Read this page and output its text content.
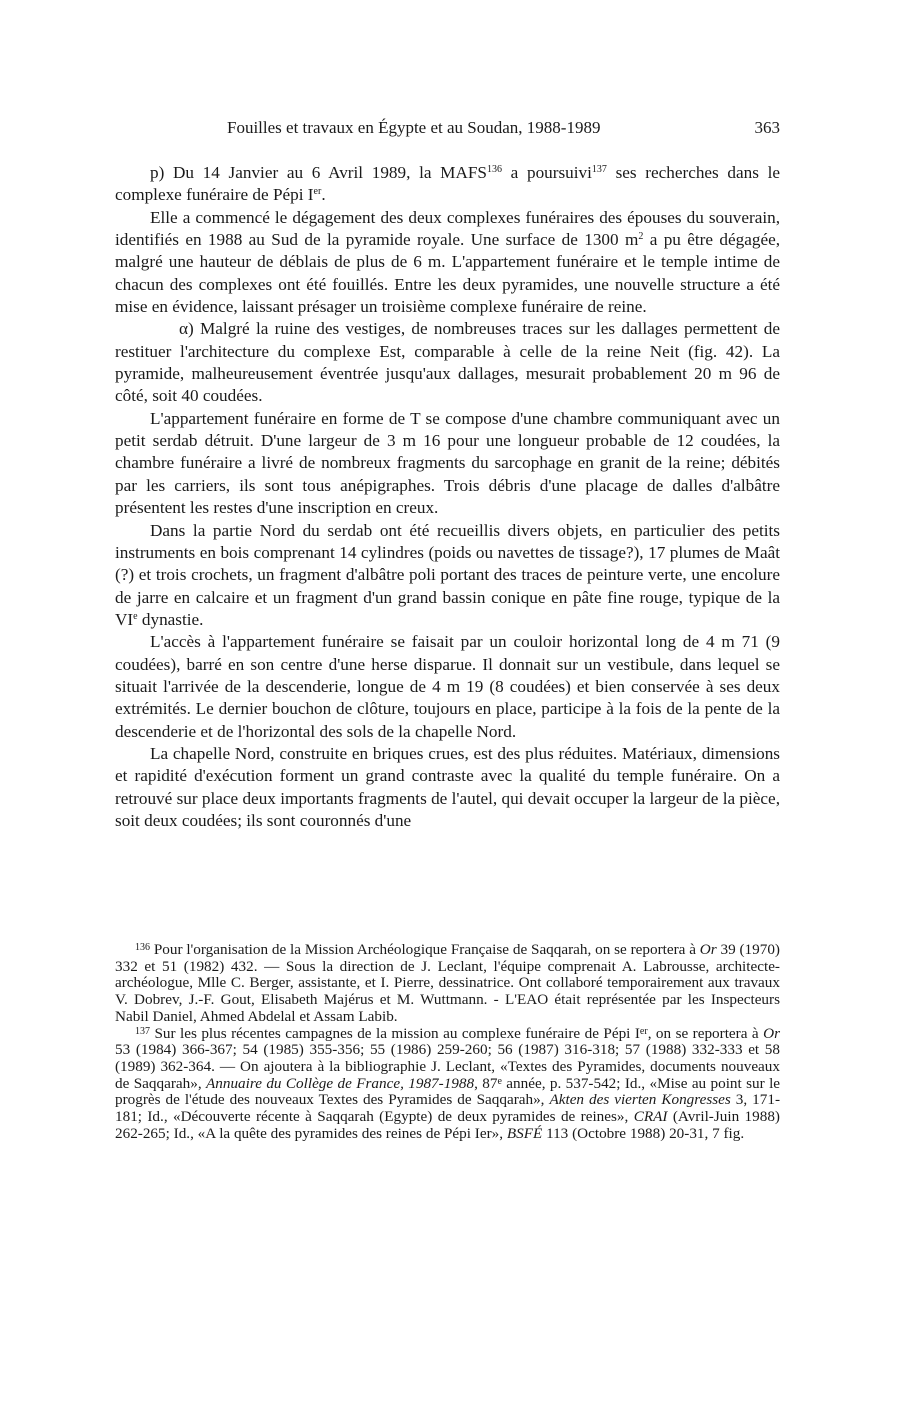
Fouilles et travaux en Égypte et au Soudan, 1988-1989	363

p) Du 14 Janvier au 6 Avril 1989, la MAFS$^{136}$ a poursuivi$^{137}$ ses recherches dans le complexe funéraire de Pépi Ier.

Elle a commencé le dégagement des deux complexes funéraires des épouses du souverain, identifiés en 1988 au Sud de la pyramide royale. Une surface de 1300 $m^2$ a pu être dégagée, malgré une hauteur de déblais de plus de 6 m. L'appartement funéraire et le temple intime de chacun des complexes ont été fouillés. Entre les deux pyramides, une nouvelle structure a été mise en évidence, laissant présager un troisième complexe funéraire de reine.

α) Malgré la ruine des vestiges, de nombreuses traces sur les dallages permettent de restituer l'architecture du complexe Est, comparable à celle de la reine Neit (fig. 42). La pyramide, malheureusement éventrée jusqu'aux dallages, mesurait probablement 20 m 96 de côté, soit 40 coudées.

L'appartement funéraire en forme de T se compose d'une chambre communiquant avec un petit serdab détruit. D'une largeur de 3 m 16 pour une longueur probable de 12 coudées, la chambre funéraire a livré de nombreux fragments du sarcophage en granit de la reine; débités par les carriers, ils sont tous anépigraphes. Trois débris d'une placage de dalles d'albâtre présentent les restes d'une inscription en creux.

Dans la partie Nord du serdab ont été recueillis divers objets, en particulier des petits instruments en bois comprenant 14 cylindres (poids ou navettes de tissage?), 17 plumes de Maât (?) et trois crochets, un fragment d'albâtre poli portant des traces de peinture verte, une encolure de jarre en calcaire et un fragment d'un grand bassin conique en pâte fine rouge, typique de la VIe dynastie.

L'accès à l'appartement funéraire se faisait par un couloir horizontal long de 4 m 71 (9 coudées), barré en son centre d'une herse disparue. Il donnait sur un vestibule, dans lequel se situait l'arrivée de la descenderie, longue de 4 m 19 (8 coudées) et bien conservée à ses deux extrémités. Le dernier bouchon de clôture, toujours en place, participe à la fois de la pente de la descenderie et de l'horizontal des sols de la chapelle Nord.

La chapelle Nord, construite en briques crues, est des plus réduites. Matériaux, dimensions et rapidité d'exécution forment un grand contraste avec la qualité du temple funéraire. On a retrouvé sur place deux importants fragments de l'autel, qui devait occuper la largeur de la pièce, soit deux coudées; ils sont couronnés d'une

$^{136}$ Pour l'organisation de la Mission Archéologique Française de Saqqarah, on se reportera à Or 39 (1970) 332 et 51 (1982) 432. — Sous la direction de J. Leclant, l'équipe comprenait A. Labrousse, architecte-archéologue, Mlle C. Berger, assistante, et I. Pierre, dessinatrice. Ont collaboré temporairement aux travaux V. Dobrev, J.-F. Gout, Elisabeth Majérus et M. Wuttmann. - L'EAO était représentée par les Inspecteurs Nabil Daniel, Ahmed Abdelal et Assam Labib.

$^{137}$ Sur les plus récentes campagnes de la mission au complexe funéraire de Pépi Ier, on se reportera à Or 53 (1984) 366-367; 54 (1985) 355-356; 55 (1986) 259-260; 56 (1987) 316-318; 57 (1988) 332-333 et 58 (1989) 362-364. — On ajoutera à la bibliographie J. Leclant, «Textes des Pyramides, documents nouveaux de Saqqarah», Annuaire du Collège de France, 1987-1988, 87e année, p. 537-542; Id., «Mise au point sur le progrès de l'étude des nouveaux Textes des Pyramides de Saqqarah», Akten des vierten Kongresses 3, 171-181; Id., «Découverte récente à Saqqarah (Egypte) de deux pyramides de reines», CRAI (Avril-Juin 1988) 262-265; Id., «A la quête des pyramides des reines de Pépi Ier», BSFÉ 113 (Octobre 1988) 20-31, 7 fig.
